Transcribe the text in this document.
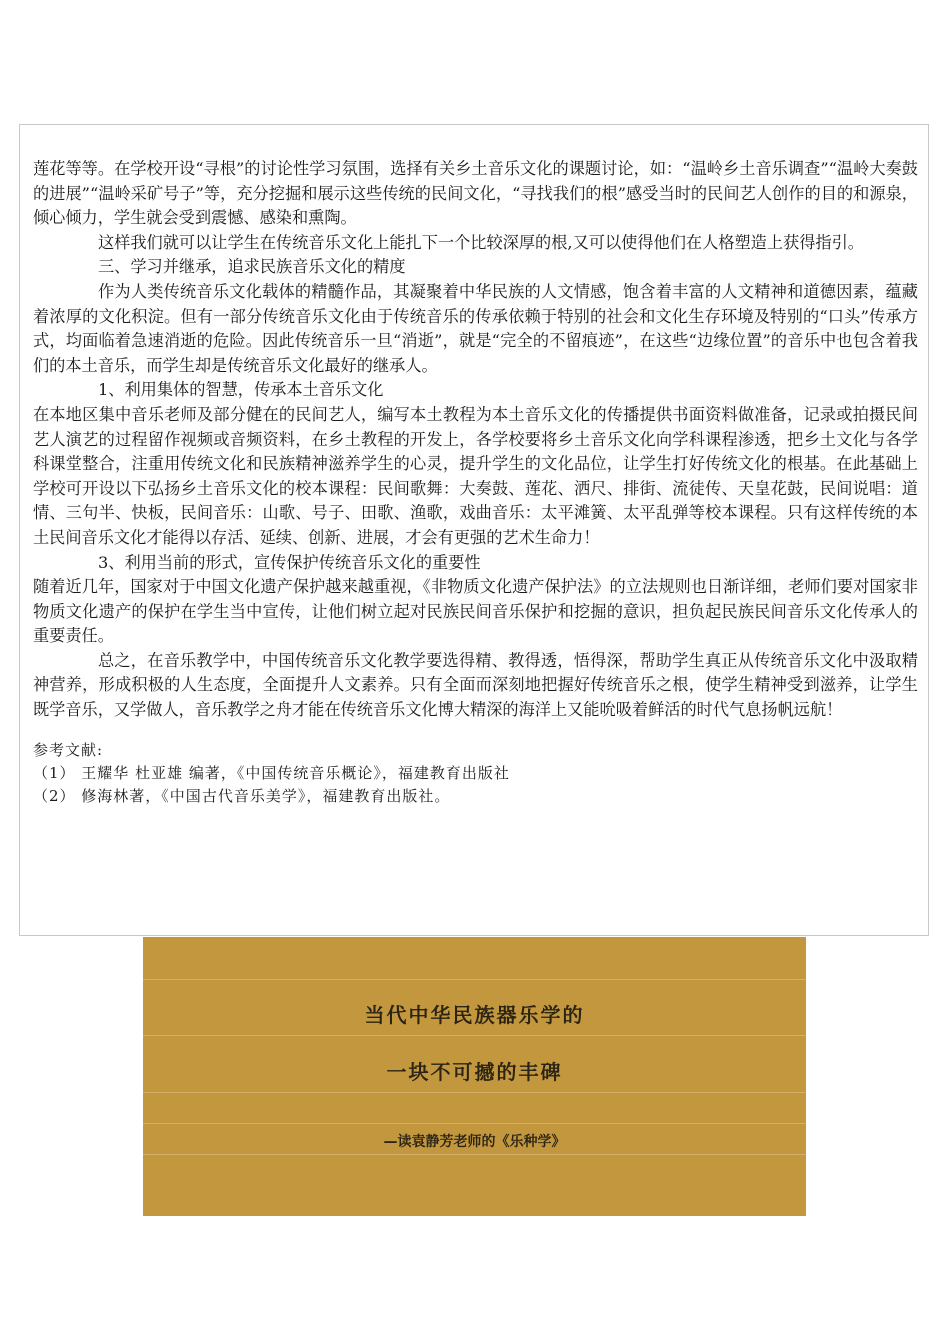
莲花等等。在学校开设“寻根”的讨论性学习氛围，选择有关乡土音乐文化的课题讨论，如：“温岭乡土音乐调查”“温岭大奏鼓的进展”“温岭采矿号子”等，充分挖掘和展示这些传统的民间文化，“寻找我们的根”感受当时的民间艺人创作的目的和源泉，倾心倾力，学生就会受到震憾、感染和熏陶。

这样我们就可以让学生在传统音乐文化上能扎下一个比较深厚的根,又可以使得他们在人格塑造上获得指引。

三、学习并继承，追求民族音乐文化的精度

作为人类传统音乐文化载体的精髓作品，其凝聚着中华民族的人文情感，饱含着丰富的人文精神和道德因素，蕴藏着浓厚的文化积淀。但有一部分传统音乐文化由于传统音乐的传承依赖于特别的社会和文化生存环境及特别的“口头”传承方式，均面临着急速消逝的危险。因此传统音乐一旦“消逝”，就是“完全的不留痕迹”，在这些“边缘位置”的音乐中也包含着我们的本土音乐，而学生却是传统音乐文化最好的继承人。

1、利用集体的智慧，传承本土音乐文化

在本地区集中音乐老师及部分健在的民间艺人，编写本土教程为本土音乐文化的传播提供书面资料做准备，记录或拍摄民间艺人演艺的过程留作视频或音频资料，在乡土教程的开发上，各学校要将乡土音乐文化向学科课程渗透，把乡土文化与各学科课堂整合，注重用传统文化和民族精神滋养学生的心灵，提升学生的文化品位，让学生打好传统文化的根基。在此基础上学校可开设以下弘扬乡土音乐文化的校本课程：民间歌舞：大奏鼓、莲花、洒尺、排街、流徒传、天皇花鼓，民间说唱：道情、三句半、快板，民间音乐：山歌、号子、田歌、渔歌，戏曲音乐：太平滩簧、太平乱弹等校本课程。只有这样传统的本土民间音乐文化才能得以存活、延续、创新、进展，才会有更强的艺术生命力！

3、利用当前的形式，宣传保护传统音乐文化的重要性

随着近几年，国家对于中国文化遗产保护越来越重视，《非物质文化遗产保护法》的立法规则也日渐详细，老师们要对国家非物质文化遗产的保护在学生当中宣传，让他们树立起对民族民间音乐保护和挖掘的意识，担负起民族民间音乐文化传承人的重要责任。

总之，在音乐教学中，中国传统音乐文化教学要选得精、教得透，悟得深，帮助学生真正从传统音乐文化中汲取精神营养，形成积极的人生态度，全面提升人文素养。只有全面而深刻地把握好传统音乐之根，使学生精神受到滋养，让学生既学音乐，又学做人，音乐教学之舟才能在传统音乐文化博大精深的海洋上又能吮吸着鲜活的时代气息扬帆远航！

参考文献:

（1） 王耀华 杜亚雄 编著，《中国传统音乐概论》，福建教育出版社

（2） 修海林著，《中国古代音乐美学》，福建教育出版社。

当代中华民族器乐学的
一块不可撼的丰碑
—读袁静芳老师的《乐种学》
